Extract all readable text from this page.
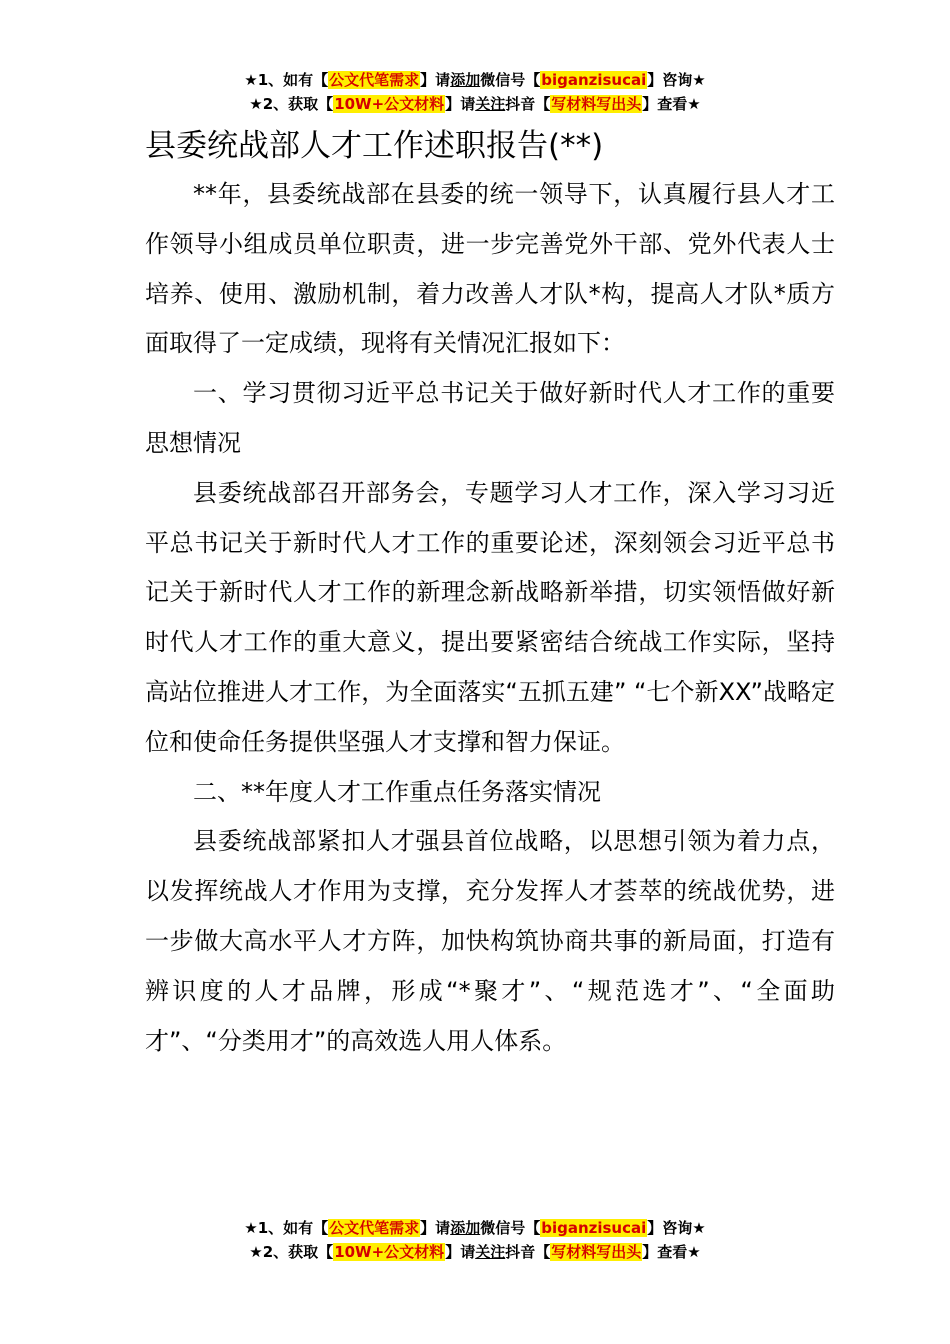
★1、如有【公文代笔需求】请添加微信号【biganzisucai】咨询★
★2、获取【10W+公文材料】请关注抖音【写材料写出头】查看★
县委统战部人才工作述职报告(**)

**年，县委统战部在县委的统一领导下，认真履行县人才工作领导小组成员单位职责，进一步完善党外干部、党外代表人士培养、使用、激励机制，着力改善人才队*构，提高人才队*质方面取得了一定成绩，现将有关情况汇报如下：

一、学习贯彻习近平总书记关于做好新时代人才工作的重要思想情况

县委统战部召开部务会，专题学习人才工作，深入学习习近平总书记关于新时代人才工作的重要论述，深刻领会习近平总书记关于新时代人才工作的新理念新战略新举措，切实领悟做好新时代人才工作的重大意义，提出要紧密结合统战工作实际，坚持高站位推进人才工作，为全面落实“五抓五建” “七个新XX”战略定位和使命任务提供坚强人才支撑和智力保证。

二、**年度人才工作重点任务落实情况

县委统战部紧扣人才强县首位战略，以思想引领为着力点，以发挥统战人才作用为支撑，充分发挥人才荟萃的统战优势，进一步做大高水平人才方阵，加快构筑协商共事的新局面，打造有辨识度的人才品牌，形成“*聚才”、“规范选才”、“全面助才”、“分类用才”的高效选人用人体系。

★1、如有【公文代笔需求】请添加微信号【biganzisucai】咨询★
★2、获取【10W+公文材料】请关注抖音【写材料写出头】查看★
